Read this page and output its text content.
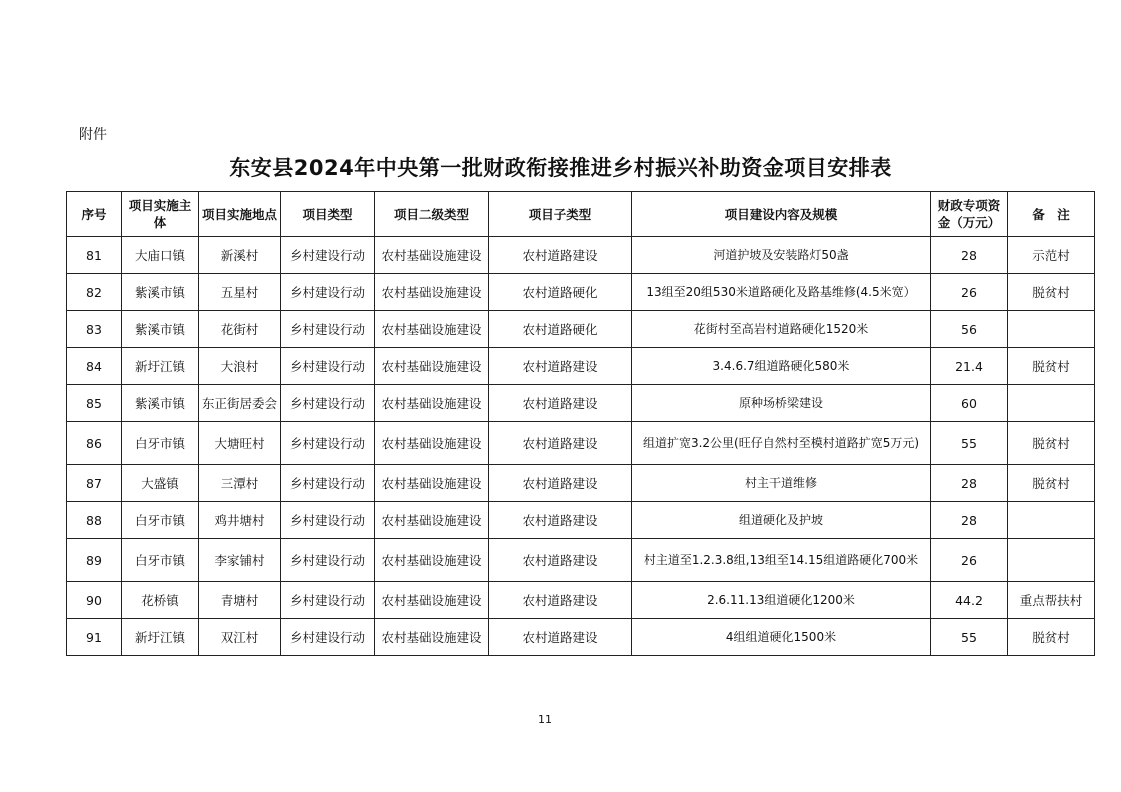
附件
东安县2024年中央第一批财政衔接推进乡村振兴补助资金项目安排表
序号	项目实施主体	项目实施地点	项目类型	项目二级类型	项目子类型	项目建设内容及规模	财政专项资金（万元）	备　注
81	大庙口镇	新溪村	乡村建设行动	农村基础设施建设	农村道路建设	河道护坡及安装路灯50盏	28	示范村
82	紫溪市镇	五星村	乡村建设行动	农村基础设施建设	农村道路硬化	13组至20组530米道路硬化及路基维修(4.5米宽）	26	脱贫村
83	紫溪市镇	花街村	乡村建设行动	农村基础设施建设	农村道路硬化	花街村至高岩村道路硬化1520米	56	
84	新圩江镇	大浪村	乡村建设行动	农村基础设施建设	农村道路建设	3.4.6.7组道路硬化580米	21.4	脱贫村
85	紫溪市镇	东正街居委会	乡村建设行动	农村基础设施建设	农村道路建设	原种场桥梁建设	60	
86	白牙市镇	大塘旺村	乡村建设行动	农村基础设施建设	农村道路建设	组道扩宽3.2公里(旺仔自然村至模村道路扩宽5万元)	55	脱贫村
87	大盛镇	三潭村	乡村建设行动	农村基础设施建设	农村道路建设	村主干道维修	28	脱贫村
88	白牙市镇	鸡井塘村	乡村建设行动	农村基础设施建设	农村道路建设	组道硬化及护坡	28	
89	白牙市镇	李家铺村	乡村建设行动	农村基础设施建设	农村道路建设	村主道至1.2.3.8组,13组至14.15组道路硬化700米	26	
90	花桥镇	青塘村	乡村建设行动	农村基础设施建设	农村道路建设	2.6.11.13组道硬化1200米	44.2	重点帮扶村
91	新圩江镇	双江村	乡村建设行动	农村基础设施建设	农村道路建设	4组组道硬化1500米	55	脱贫村
11
